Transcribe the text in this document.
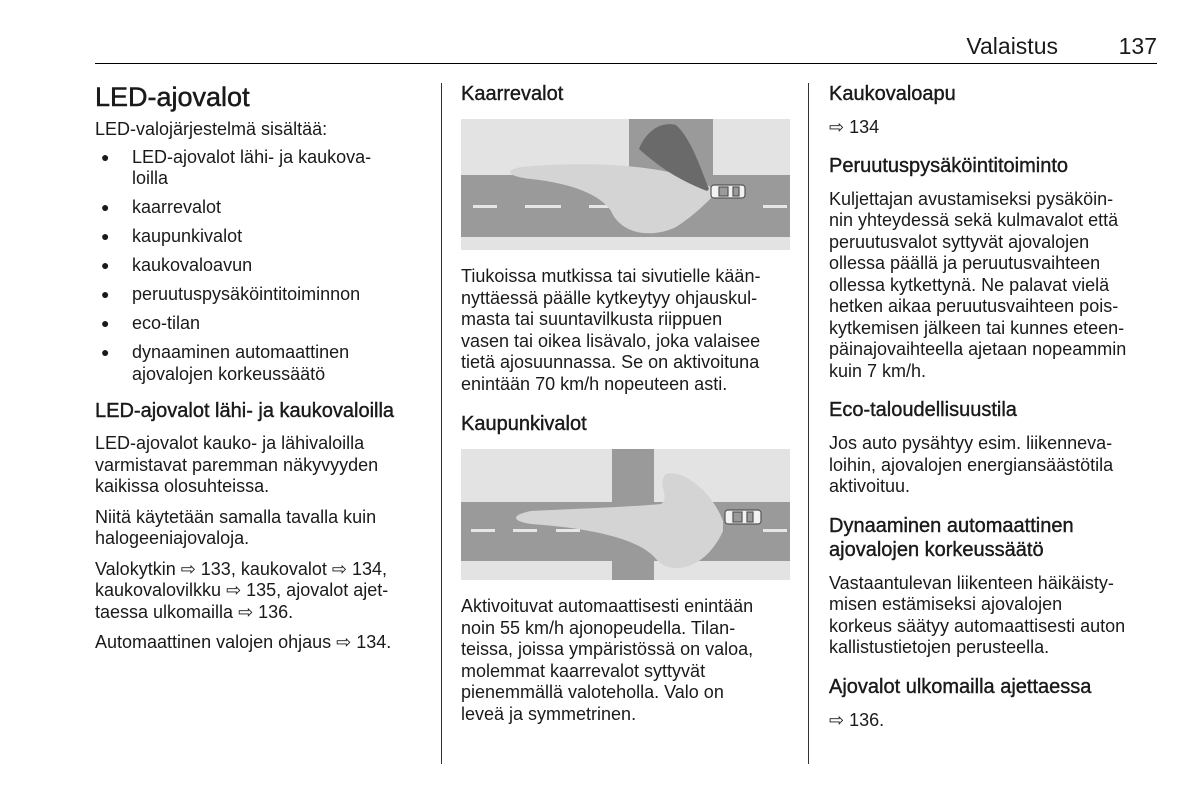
Valaistus	137
LED-ajovalot

LED-valojärjestelmä sisältää:

● LED-ajovalot lähi- ja kaukova-
loilla
● kaarrevalot
● kaupunkivalot
● kaukovaloavun
● peruutuspysäköintitoiminnon
● eco-tilan
● dynaaminen automaattinen
ajovalojen korkeussäätö
LED-ajovalot lähi- ja kaukovaloilla

LED-ajovalot kauko- ja lähivaloilla
varmistavat paremman näkyvyyden
kaikissa olosuhteissa.

Niitä käytetään samalla tavalla kuin
halogeeniajovaloja.

Valokytkin ⇨ 133, kaukovalot ⇨ 134,
kaukovalovilkku ⇨ 135, ajovalot ajet-
taessa ulkomailla ⇨ 136.

Automaattinen valojen ohjaus ⇨ 134.

Kaarrevalot

Tiukoissa mutkissa tai sivutielle kään-
nyttäessä päälle kytkeytyy ohjauskul-
masta tai suuntavilkusta riippuen
vasen tai oikea lisävalo, joka valaisee
tietä ajosuunnassa. Se on aktivoituna
enintään 70 km/h nopeuteen asti.

Kaupunkivalot

Aktivoituvat automaattisesti enintään
noin 55 km/h ajonopeudella. Tilan-
teissa, joissa ympäristössä on valoa,
molemmat kaarrevalot syttyvät
pienemmällä valoteholla. Valo on
leveä ja symmetrinen.

Kaukovaloapu

⇨ 134

Peruutuspysäköintitoiminto

Kuljettajan avustamiseksi pysäköin-
nin yhteydessä sekä kulmavalot että
peruutusvalot syttyvät ajovalojen
ollessa päällä ja peruutusvaihteen
ollessa kytkettynä. Ne palavat vielä
hetken aikaa peruutusvaihteen pois-
kytkemisen jälkeen tai kunnes eteen-
päinajovaihteella ajetaan nopeammin
kuin 7 km/h.

Eco-taloudellisuustila

Jos auto pysähtyy esim. liikenneva-
loihin, ajovalojen energiansäästötila
aktivoituu.

Dynaaminen automaattinen
ajovalojen korkeussäätö

Vastaantulevan liikenteen häikäisty-
misen estämiseksi ajovalojen
korkeus säätyy automaattisesti auton
kallistustietojen perusteella.

Ajovalot ulkomailla ajettaessa

⇨ 136.
